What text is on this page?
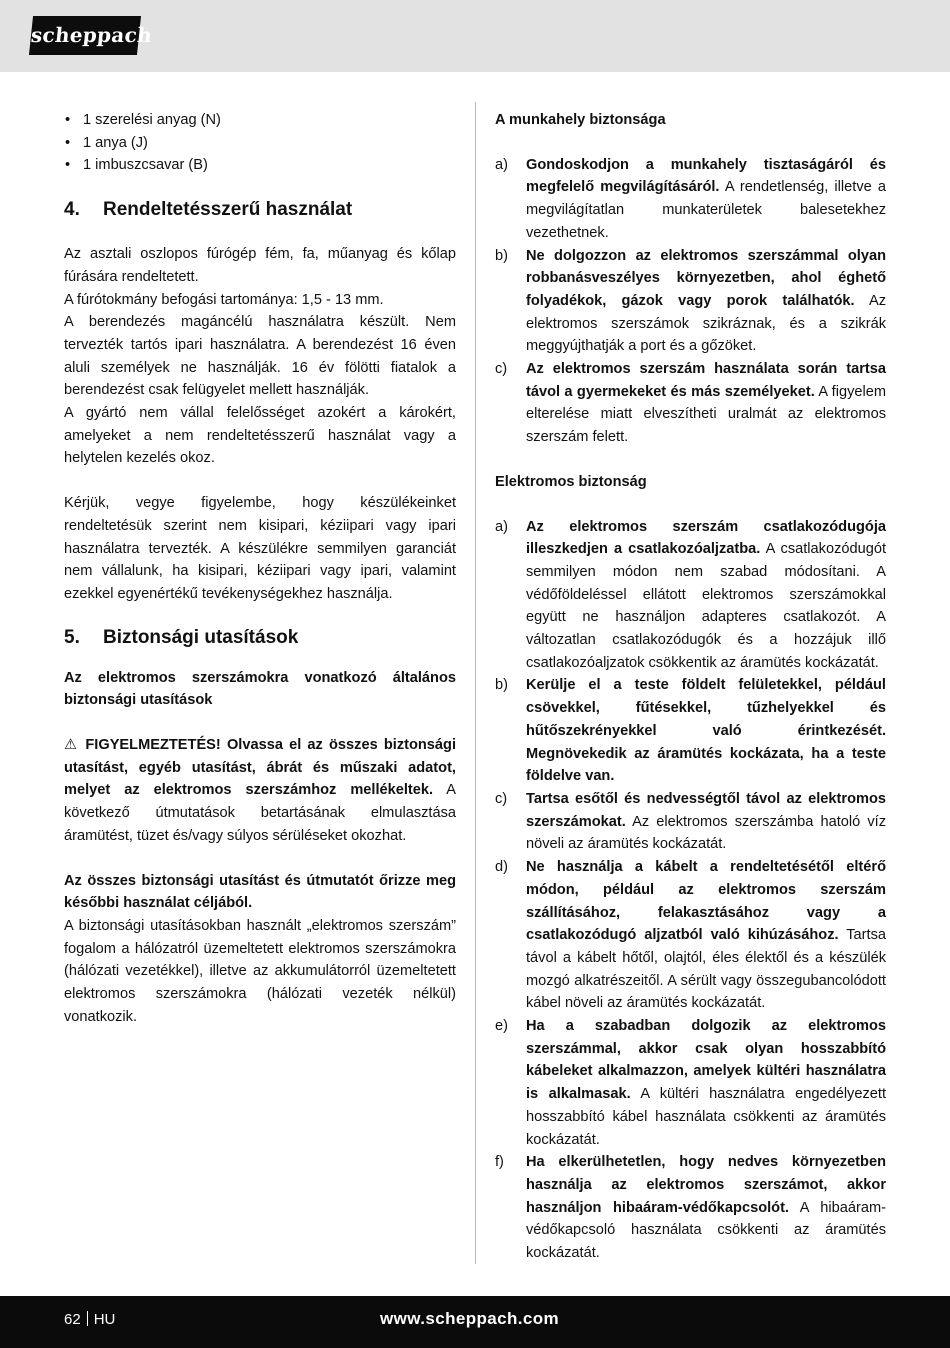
scheppach
• 1 szerelési anyag (N)
• 1 anya (J)
• 1 imbuszcsavar (B)
4.	Rendeltetésszerű használat

Az asztali oszlopos fúrógép fém, fa, műanyag és kőlap fúrására rendeltetett.

A fúrótokmány befogási tartománya: 1,5 - 13 mm.

A berendezés magáncélú használatra készült. Nem tervezték tartós ipari használatra. A berendezést 16 éven aluli személyek ne használják. 16 év fölötti fiatalok a berendezést csak felügyelet mellett használják.

A gyártó nem vállal felelősséget azokért a károkért, amelyeket a nem rendeltetésszerű használat vagy a helytelen kezelés okoz.

Kérjük, vegye figyelembe, hogy készülékeinket rendeltetésük szerint nem kisipari, kéziipari vagy ipari használatra tervezték. A készülékre semmilyen garanciát nem vállalunk, ha kisipari, kéziipari vagy ipari, valamint ezekkel egyenértékű tevékenységekhez használja.

5.	Biztonsági utasítások

Az elektromos szerszámokra vonatkozó általános biztonsági utasítások

⚠ FIGYELMEZTETÉS! Olvassa el az összes biztonsági utasítást, egyéb utasítást, ábrát és műszaki adatot, melyet az elektromos szerszámhoz mellékeltek. A következő útmutatások betartásának elmulasztása áramütést, tüzet és/vagy súlyos sérüléseket okozhat.

Az összes biztonsági utasítást és útmutatót őrizze meg későbbi használat céljából.

A biztonsági utasításokban használt „elektromos szerszám” fogalom a hálózatról üzemeltetett elektromos szerszámokra (hálózati vezetékkel), illetve az akkumulátorról üzemeltetett elektromos szerszámokra (hálózati vezeték nélkül) vonatkozik.

A munkahely biztonsága

a)	Gondoskodjon a munkahely tisztaságáról és megfelelő megvilágításáról. A rendetlenség, illetve a megvilágítatlan munkaterületek balesetekhez vezethetnek.
b)	Ne dolgozzon az elektromos szerszámmal olyan robbanásveszélyes környezetben, ahol éghető folyadékok, gázok vagy porok találhatók. Az elektromos szerszámok szikráznak, és a szikrák meggyújthatják a port és a gőzöket.
c)	Az elektromos szerszám használata során tartsa távol a gyermekeket és más személyeket. A figyelem elterelése miatt elveszítheti uralmát az elektromos szerszám felett.

Elektromos biztonság

a)	Az elektromos szerszám csatlakozódugója illeszkedjen a csatlakozóaljzatba. A csatlakozódugót semmilyen módon nem szabad módosítani. A védőföldeléssel ellátott elektromos szerszámokkal együtt ne használjon adapteres csatlakozót. A változatlan csatlakozódugók és a hozzájuk illő csatlakozóaljzatok csökkentik az áramütés kockázatát.
b)	Kerülje el a teste földelt felületekkel, például csövekkel, fűtésekkel, tűzhelyekkel és hűtőszekrényekkel való érintkezését. Megnövekedik az áramütés kockázata, ha a teste földelve van.
c)	Tartsa esőtől és nedvességtől távol az elektromos szerszámokat. Az elektromos szerszámba hatoló víz növeli az áramütés kockázatát.
d)	Ne használja a kábelt a rendeltetésétől eltérő módon, például az elektromos szerszám szállításához, felakasztásához vagy a csatlakozódugó aljzatból való kihúzásához. Tartsa távol a kábelt hőtől, olajtól, éles élektől és a készülék mozgó alkatrészeitől. A sérült vagy összegubancolódott kábel növeli az áramütés kockázatát.
e)	Ha a szabadban dolgozik az elektromos szerszámmal, akkor csak olyan hosszabbító kábeleket alkalmazzon, amelyek kültéri használatra is alkalmasak. A kültéri használatra engedélyezett hosszabbító kábel használata csökkenti az áramütés kockázatát.
f)	Ha elkerülhetetlen, hogy nedves környezetben használja az elektromos szerszámot, akkor használjon hibaáram-védőkapcsolót. A hibaáram-védőkapcsoló használata csökkenti az áramütés kockázatát.
62 HU	www.scheppach.com
